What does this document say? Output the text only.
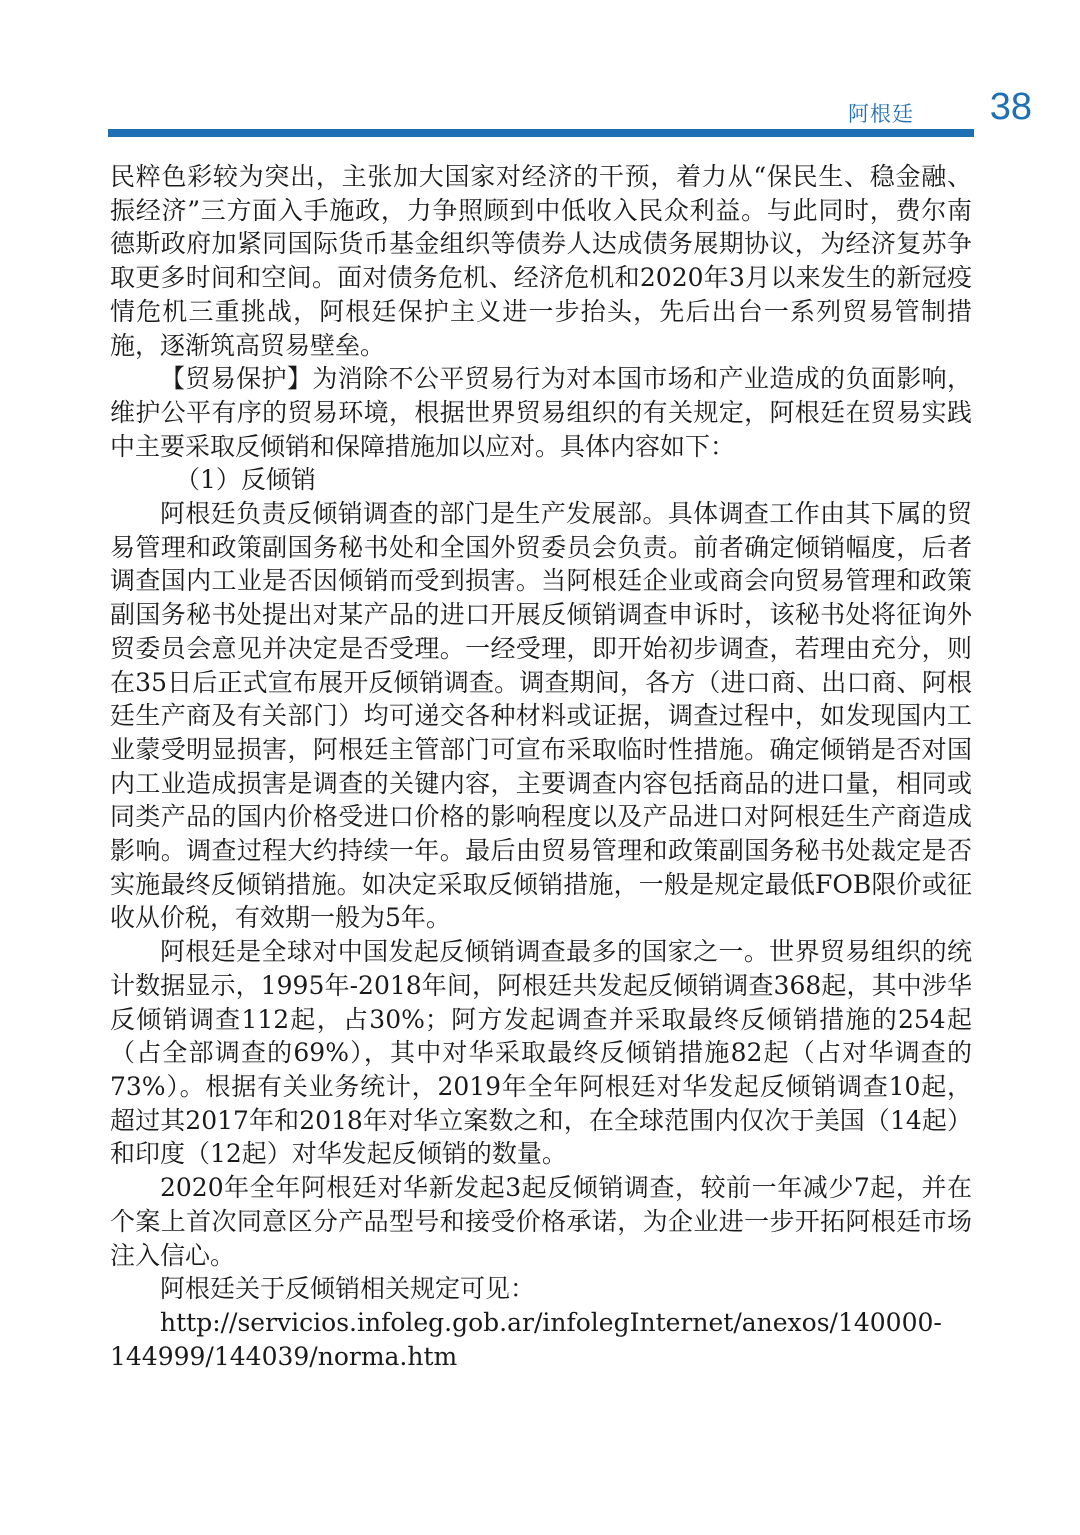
阿根廷 38

民粹色彩较为突出，主张加大国家对经济的干预，着力从“保民生、稳金融、振经济”三方面入手施政，力争照顾到中低收入民众利益。与此同时，费尔南德斯政府加紧同国际货币基金组织等债券人达成债务展期协议，为经济复苏争取更多时间和空间。面对债务危机、经济危机和2020年3月以来发生的新冠疫情危机三重挑战，阿根廷保护主义进一步抬头，先后出台一系列贸易管制措施，逐渐筑高贸易壁垒。

【贸易保护】为消除不公平贸易行为对本国市场和产业造成的负面影响，维护公平有序的贸易环境，根据世界贸易组织的有关规定，阿根廷在贸易实践中主要采取反倾销和保障措施加以应对。具体内容如下：

（1）反倾销

阿根廷负责反倾销调查的部门是生产发展部。具体调查工作由其下属的贸易管理和政策副国务秘书处和全国外贸委员会负责。前者确定倾销幅度，后者调查国内工业是否因倾销而受到损害。当阿根廷企业或商会向贸易管理和政策副国务秘书处提出对某产品的进口开展反倾销调查申诉时，该秘书处将征询外贸委员会意见并决定是否受理。一经受理，即开始初步调查，若理由充分，则在35日后正式宣布展开反倾销调查。调查期间，各方（进口商、出口商、阿根廷生产商及有关部门）均可递交各种材料或证据，调查过程中，如发现国内工业蒙受明显损害，阿根廷主管部门可宣布采取临时性措施。确定倾销是否对国内工业造成损害是调查的关键内容，主要调查内容包括商品的进口量，相同或同类产品的国内价格受进口价格的影响程度以及产品进口对阿根廷生产商造成影响。调查过程大约持续一年。最后由贸易管理和政策副国务秘书处裁定是否实施最终反倾销措施。如决定采取反倾销措施，一般是规定最低FOB限价或征收从价税，有效期一般为5年。

阿根廷是全球对中国发起反倾销调查最多的国家之一。世界贸易组织的统计数据显示，1995年-2018年间，阿根廷共发起反倾销调查368起，其中涉华反倾销调查112起，占30%；阿方发起调查并采取最终反倾销措施的254起（占全部调查的69%），其中对华采取最终反倾销措施82起（占对华调查的73%）。根据有关业务统计，2019年全年阿根廷对华发起反倾销调查10起，超过其2017年和2018年对华立案数之和，在全球范围内仅次于美国（14起）和印度（12起）对华发起反倾销的数量。

2020年全年阿根廷对华新发起3起反倾销调查，较前一年减少7起，并在个案上首次同意区分产品型号和接受价格承诺，为企业进一步开拓阿根廷市场注入信心。

阿根廷关于反倾销相关规定可见：

http://servicios.infoleg.gob.ar/infolegInternet/anexos/140000-
144999/144039/norma.htm
